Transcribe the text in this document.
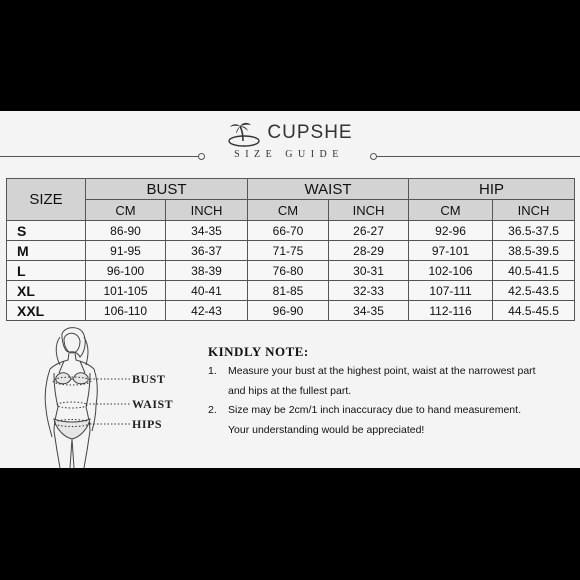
CUPSHE
SIZE GUIDE
SIZE	BUST		WAIST		HIP	
	CM	INCH	CM	INCH	CM	INCH
S	86-90	34-35	66-70	26-27	92-96	36.5-37.5
M	91-95	36-37	71-75	28-29	97-101	38.5-39.5
L	96-100	38-39	76-80	30-31	102-106	40.5-41.5
XL	101-105	40-41	81-85	32-33	107-111	42.5-43.5
XXL	106-110	42-43	96-90	34-35	112-116	44.5-45.5
BUST
WAIST
HIPS
KINDLY NOTE:
1. Measure your bust at the highest point, waist at the narrowest part
and hips at the fullest part.
2. Size may be 2cm/1 inch inaccuracy due to hand measurement.
Your understanding would be appreciated!
